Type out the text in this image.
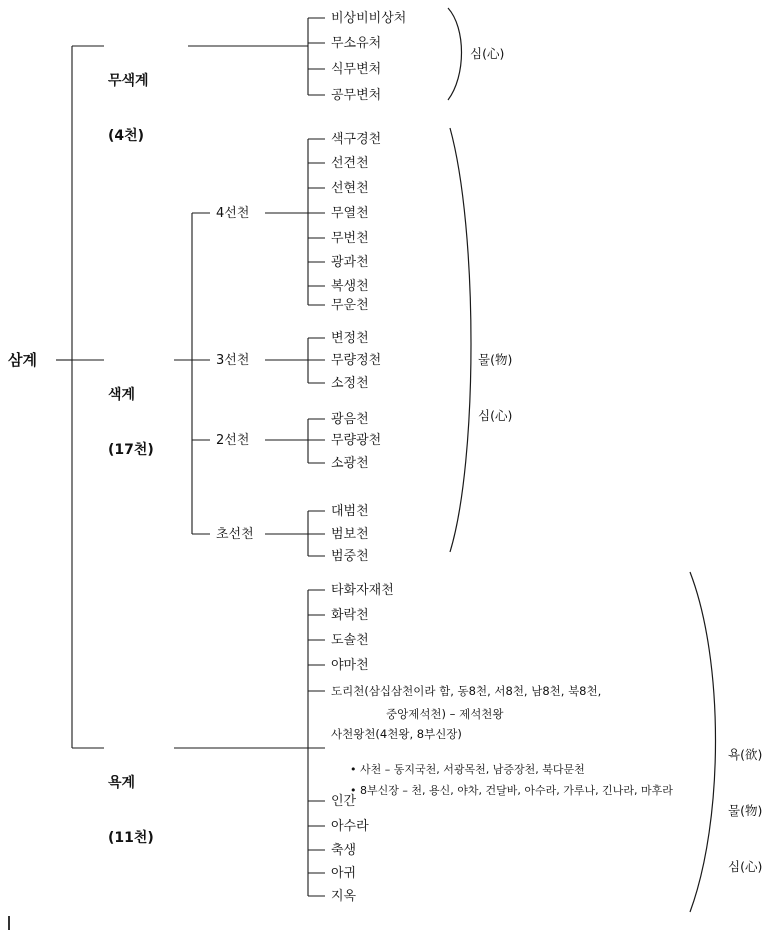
삼계

무색계

(4천)

색계

(17천)

욕계

(11천)

비상비비상처
무소유처
식무변처
공무변처
심(心)
4선천
3선천
2선천
초선천
색구경천
선견천
선현천
무열천
무번천
광과천
복생천
무운천
변정천
무량정천
소정천
광음천
무량광천
소광천
대범천
범보천
범중천

물(物)

심(心)

타화자재천
화락천
도솔천
야마천
도리천(삼십삼천이라 함, 동8천, 서8천, 남8천, 북8천,
중앙제석천) – 제석천왕
사천왕천(4천왕, 8부신장)

• 사천 – 동지국천, 서광목천, 남증장천, 북다문천

• 8부신장 – 천, 용신, 야차, 건달바, 아수라, 가루나, 긴나라, 마후라

인간
아수라
축생
아귀
지옥

욕(欲)

물(物)

심(心)
